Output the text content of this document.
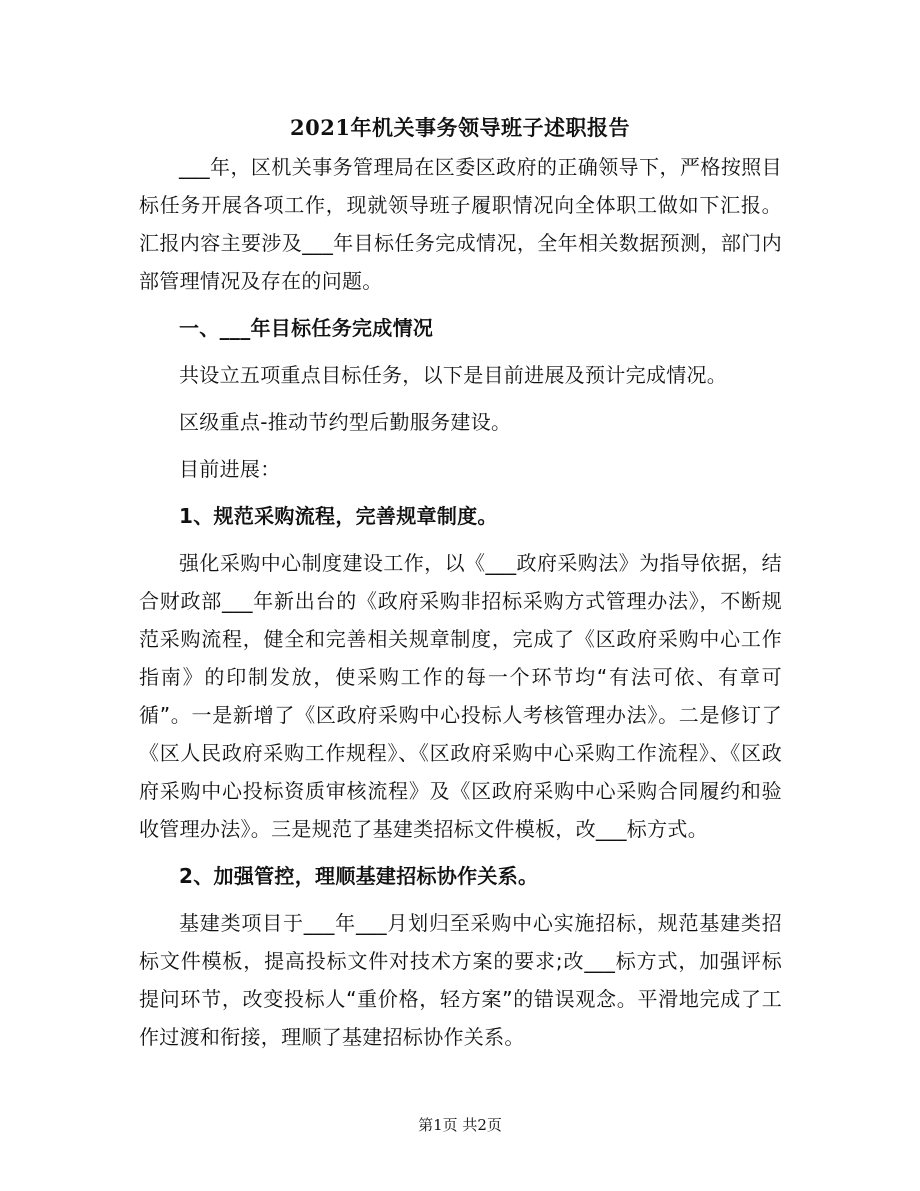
2021年机关事务领导班子述职报告

___年，区机关事务管理局在区委区政府的正确领导下，严格按照目标任务开展各项工作，现就领导班子履职情况向全体职工做如下汇报。汇报内容主要涉及___年目标任务完成情况，全年相关数据预测，部门内部管理情况及存在的问题。

一、___年目标任务完成情况

共设立五项重点目标任务，以下是目前进展及预计完成情况。

区级重点-推动节约型后勤服务建设。

目前进展：

1、规范采购流程，完善规章制度。

强化采购中心制度建设工作，以《___政府采购法》为指导依据，结合财政部___年新出台的《政府采购非招标采购方式管理办法》，不断规范采购流程，健全和完善相关规章制度，完成了《区政府采购中心工作指南》的印制发放，使采购工作的每一个环节均“有法可依、有章可循”。一是新增了《区政府采购中心投标人考核管理办法》。二是修订了《区人民政府采购工作规程》、《区政府采购中心采购工作流程》、《区政府采购中心投标资质审核流程》及《区政府采购中心采购合同履约和验收管理办法》。三是规范了基建类招标文件模板，改___标方式。

2、加强管控，理顺基建招标协作关系。

基建类项目于___年___月划归至采购中心实施招标，规范基建类招标文件模板，提高投标文件对技术方案的要求;改___标方式，加强评标提问环节，改变投标人“重价格，轻方案”的错误观念。平滑地完成了工作过渡和衔接，理顺了基建招标协作关系。

第1页 共2页
